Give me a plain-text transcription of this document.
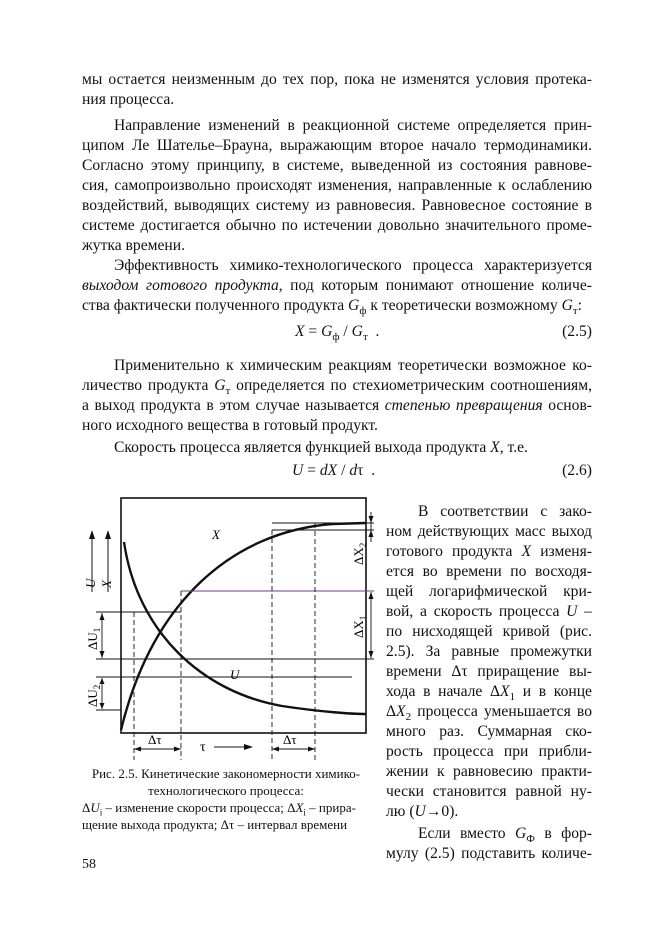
мы остается неизменным до тех пор, пока не изменятся условия протека-
ния процесса.
Направление изменений в реакционной системе определяется прин-
ципом Ле Шателье–Брауна, выражающим второе начало термодинамики.
Согласно этому принципу, в системе, выведенной из состояния равнове-
сия, самопроизвольно происходят изменения, направленные к ослаблению
воздействий, выводящих систему из равновесия. Равновесное состояние в
системе достигается обычно по истечении довольно значительного проме-
жутка времени.
Эффективность химико-технологического процесса характеризуется
выходом готового продукта, под которым понимают отношение количе-
ства фактически полученного продукта $G_ф$ к теоретически возможному $G_т$:
$X = G_ф / G_т$  .	(2.5)
Применительно к химическим реакциям теоретически возможное ко-
личество продукта $G_т$ определяется по стехиометрическим соотношениям,
а выход продукта в этом случае называется степенью превращения основ-
ного исходного вещества в готовый продукт.
Скорость процесса является функцией выхода продукта X, т.е.
U = dX / dτ  .	(2.6)
U X
$\Delta U_1$
$\Delta U_2$
$\Delta X_2$
$\Delta X_1$
X
U
Δτ	Δτ
τ
Рис. 2.5. Кинетические закономерности химико-
технологического процесса:
$\Delta U_i$ – изменение скорости процесса; $\Delta X_i$ – прира-
щение выхода продукта; Δτ – интервал времени
В соответствии с зако-
ном действующих масс выход
готового продукта X изменя-
ется во времени по восходя-
щей логарифмической кри-
вой, а скорость процесса U –
по нисходящей кривой (рис.
2.5). За равные промежутки
времени Δτ приращение вы-
хода в начале $\Delta X_1$ и в конце
$\Delta X_2$ процесса уменьшается во
много раз. Суммарная ско-
рость процесса при прибли-
жении к равновесию практи-
чески становится равной ну-
лю (U→0).
Если вместо $G_Ф$ в фор-
мулу (2.5) подставить количе-
58
